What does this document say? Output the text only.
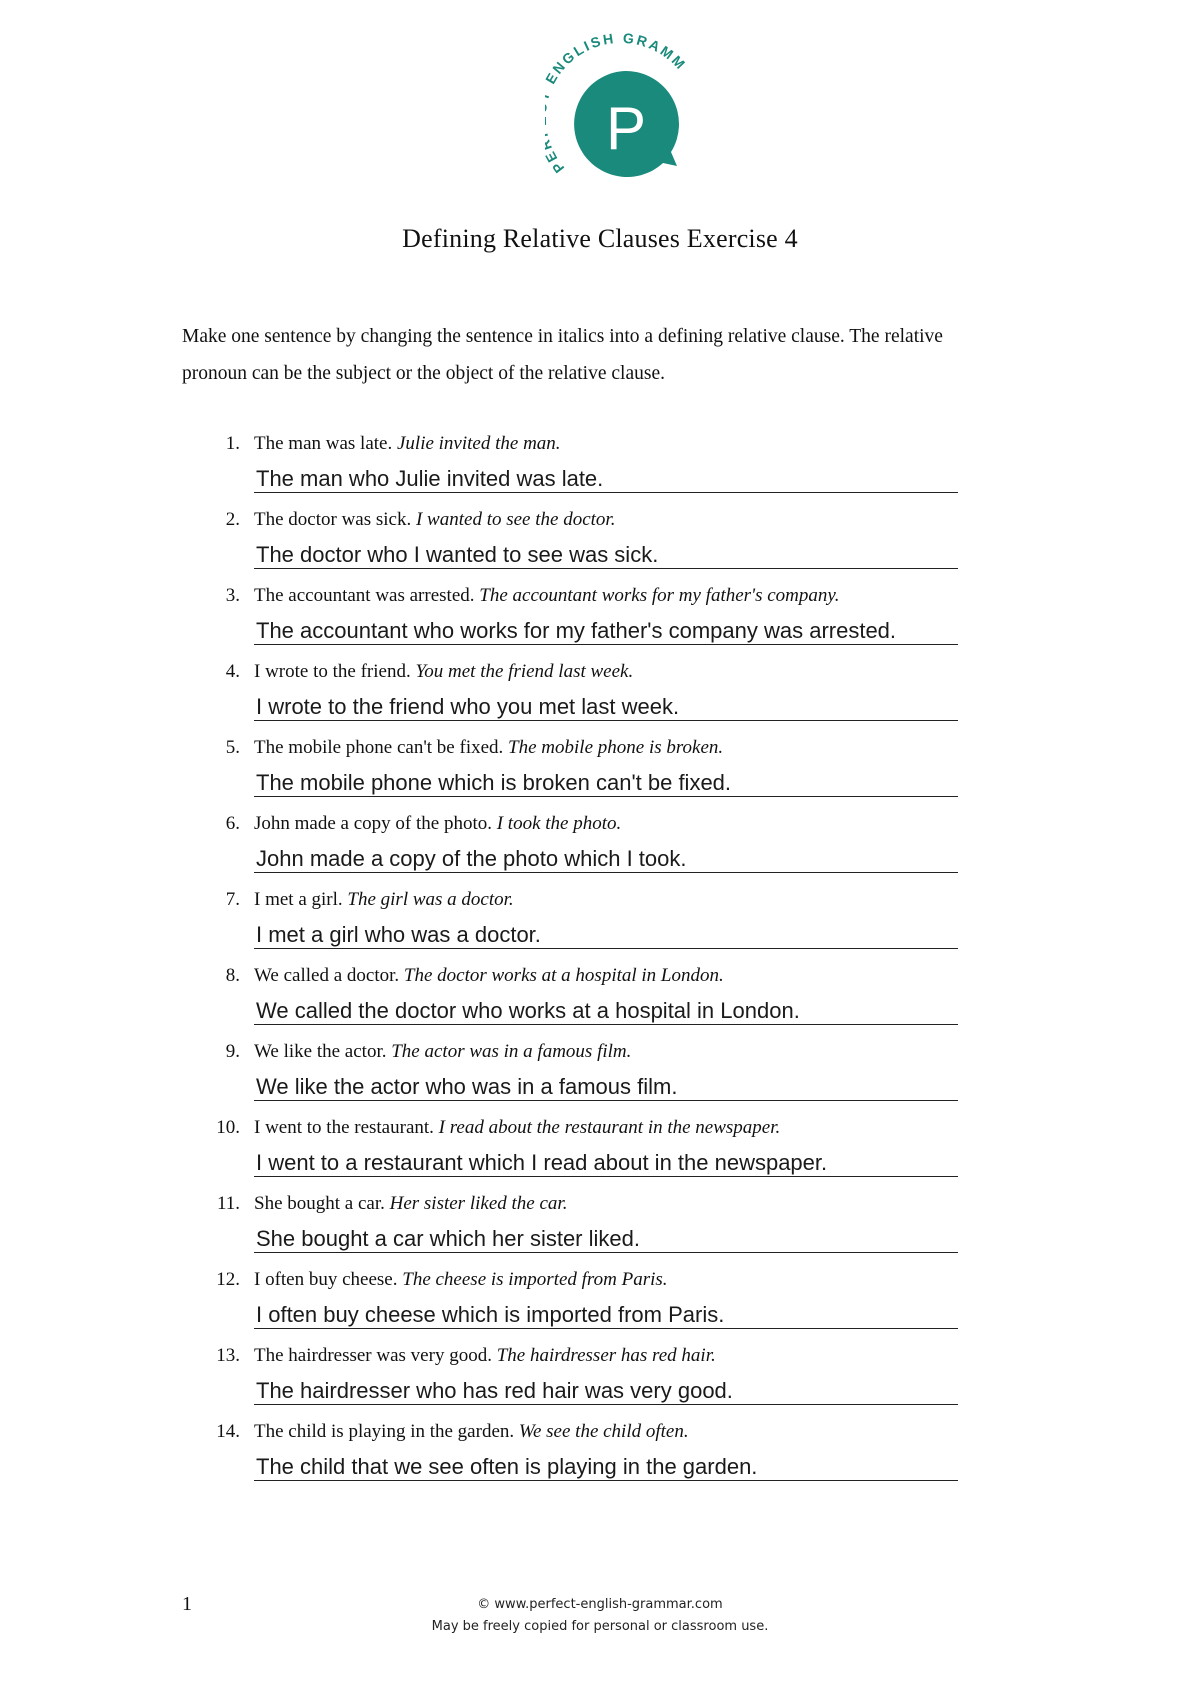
P
P NGLISH GRAMM
Defining Relative Clauses Exercise 4
Make one sentence by changing the sentence in italics into a defining relative clause. The relative pronoun can be the subject or the object of the relative clause.
1. The man was late. Julie invited the man.
The man who Julie invited was late.
2. The doctor was sick. I wanted to see the doctor.
The doctor who I wanted to see was sick.
3. The accountant was arrested. The accountant works for my father's company.
The accountant who works for my father's company was arrested.
4. I wrote to the friend. You met the friend last week.
I wrote to the friend who you met last week.
5. The mobile phone can't be fixed. The mobile phone is broken.
The mobile phone which is broken can't be fixed.
6. John made a copy of the photo. I took the photo.
John made a copy of the photo which I took.
7. I met a girl. The girl was a doctor.
I met a girl who was a doctor.
8. We called a doctor. The doctor works at a hospital in London.
We called the doctor who works at a hospital in London.
9. We like the actor. The actor was in a famous film.
We like the actor who was in a famous film.
10. I went to the restaurant. I read about the restaurant in the newspaper.
I went to a restaurant which I read about in the newspaper.
11. She bought a car. Her sister liked the car.
She bought a car which her sister liked.
12. I often buy cheese. The cheese is imported from Paris.
I often buy cheese which is imported from Paris.
13. The hairdresser was very good. The hairdresser has red hair.
The hairdresser who has red hair was very good.
14. The child is playing in the garden. We see the child often.
The child that we see often is playing in the garden.
1	© www.perfect-english-grammar.com
May be freely copied for personal or classroom use.
